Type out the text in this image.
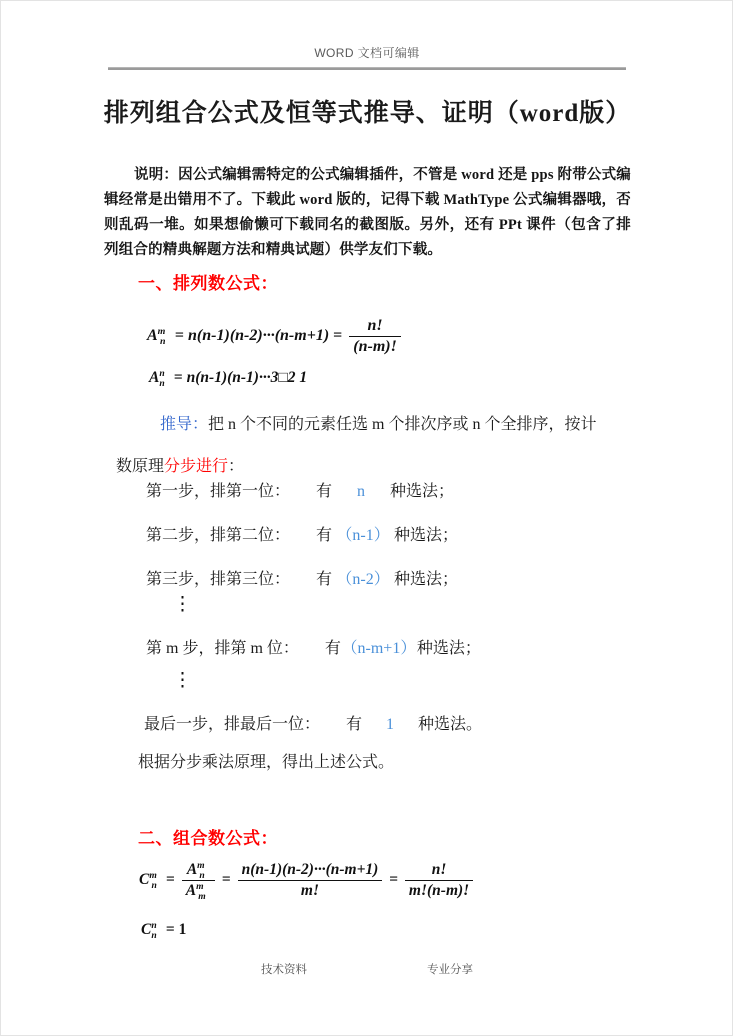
WORD 文档可编辑
排列组合公式及恒等式推导、证明（word版）
说明：因公式编辑需特定的公式编辑插件，不管是 word 还是 pps 附带公式编辑经常是出错用不了。下载此 word 版的，记得下载 MathType 公式编辑器哦，否则乱码一堆。如果想偷懒可下载同名的截图版。另外，还有 PPt 课件（包含了排列组合的精典解题方法和精典试题）供学友们下载。
一、排列数公式：
$A^m_n = n(n-1)(n-2)\cdot\cdot\cdot(n-m+1) = \frac{n!}{(n-m)!}$
$A^n_n$ = n(n-1)(n-1)···3□2 1
推导：把 n 个不同的元素任选 m 个排次序或 n 个全排序，按计
数原理分步进行：
第一步，排第一位： 有 n 种选法；
第二步，排第二位： 有 （n-1） 种选法；
第三步，排第三位： 有 （n-2） 种选法；
⋮
第 m 步，排第 m 位： 有（n-m+1）种选法；
⋮
最后一步，排最后一位： 有 1 种选法。
根据分步乘法原理，得出上述公式。
二、组合数公式：
$C^m_n = \frac{A^m_n}{A^m_m} = \frac{n(n-1)(n-2)\cdot\cdot\cdot(n-m+1)}{m!} = \frac{n!}{m!(n-m)!}$
$C^n_n = 1$
技术资料	专业分享
